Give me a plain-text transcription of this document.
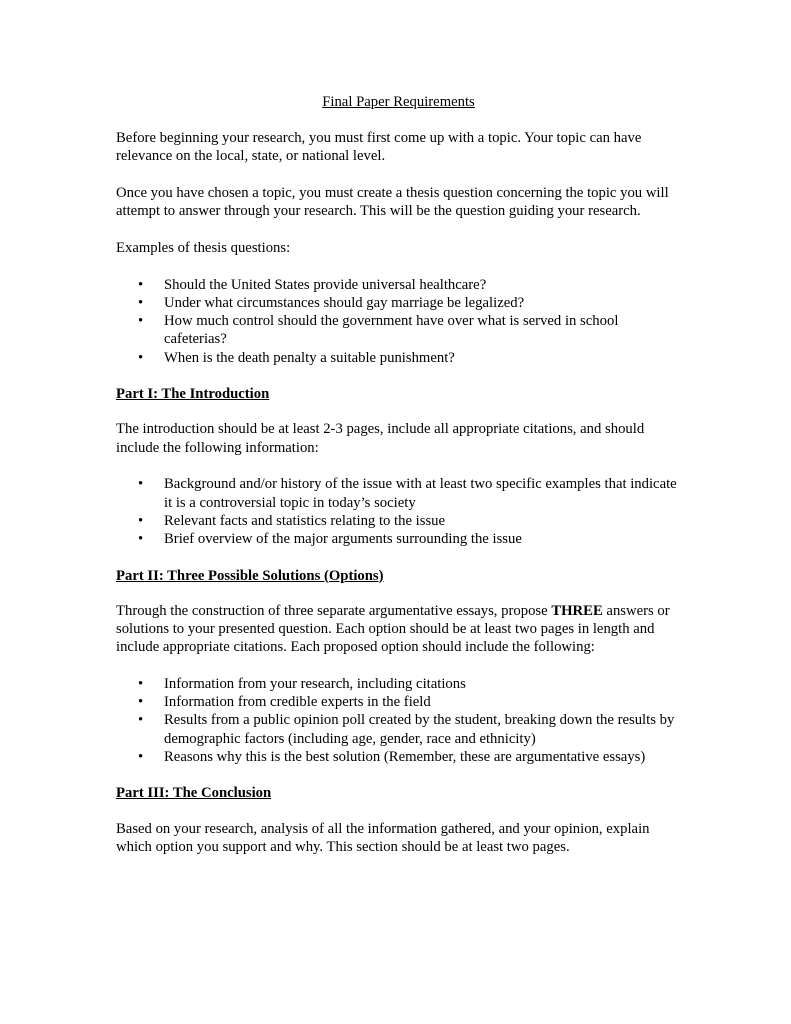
Final Paper Requirements

Before beginning your research, you must first come up with a topic. Your topic can have relevance on the local, state, or national level.

Once you have chosen a topic, you must create a thesis question concerning the topic you will attempt to answer through your research. This will be the question guiding your research.

Examples of thesis questions:

• Should the United States provide universal healthcare?
• Under what circumstances should gay marriage be legalized?
• How much control should the government have over what is served in school cafeterias?
• When is the death penalty a suitable punishment?
Part I: The Introduction

The introduction should be at least 2-3 pages, include all appropriate citations, and should include the following information:

• Background and/or history of the issue with at least two specific examples that indicate it is a controversial topic in today’s society
• Relevant facts and statistics relating to the issue
• Brief overview of the major arguments surrounding the issue
Part II: Three Possible Solutions (Options)

Through the construction of three separate argumentative essays, propose THREE answers or solutions to your presented question. Each option should be at least two pages in length and include appropriate citations. Each proposed option should include the following:

• Information from your research, including citations
• Information from credible experts in the field
• Results from a public opinion poll created by the student, breaking down the results by demographic factors (including age, gender, race and ethnicity)
• Reasons why this is the best solution (Remember, these are argumentative essays)
Part III: The Conclusion

Based on your research, analysis of all the information gathered, and your opinion, explain which option you support and why. This section should be at least two pages.
